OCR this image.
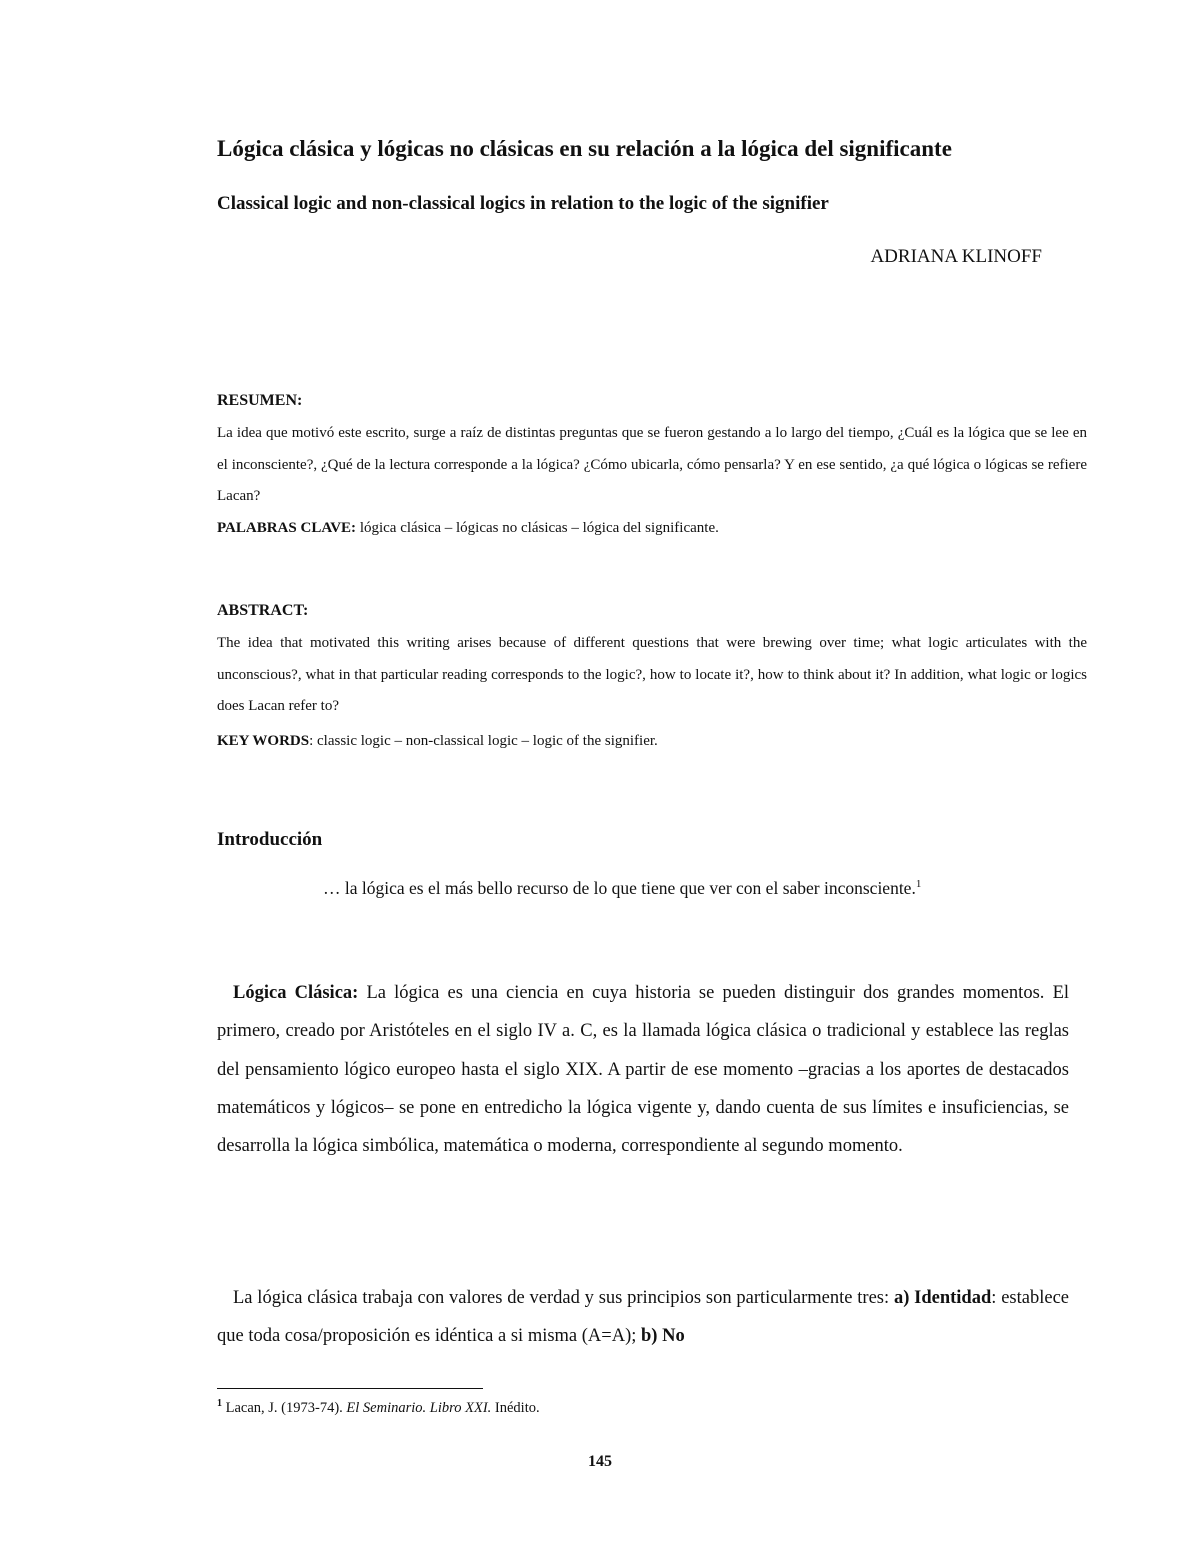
Lógica clásica y lógicas no clásicas en su relación a la lógica del significante
Classical logic and non-classical logics in relation to the logic of the signifier
ADRIANA KLINOFF
RESUMEN:

La idea que motivó este escrito, surge a raíz de distintas preguntas que se fueron gestando a lo largo del tiempo, ¿Cuál es la lógica que se lee en el inconsciente?, ¿Qué de la lectura corresponde a la lógica? ¿Cómo ubicarla, cómo pensarla? Y en ese sentido, ¿a qué lógica o lógicas se refiere Lacan?

PALABRAS CLAVE: lógica clásica – lógicas no clásicas – lógica del significante.
ABSTRACT:

The idea that motivated this writing arises because of different questions that were brewing over time; what logic articulates with the unconscious?, what in that particular reading corresponds to the logic?, how to locate it?, how to think about it? In addition, what logic or logics does Lacan refer to?

KEY WORDS: classic logic – non-classical logic – logic of the signifier.
Introducción
… la lógica es el más bello recurso de lo que tiene que ver con el saber inconsciente.$^1$

Lógica Clásica: La lógica es una ciencia en cuya historia se pueden distinguir dos grandes momentos. El primero, creado por Aristóteles en el siglo IV a. C, es la llamada lógica clásica o tradicional y establece las reglas del pensamiento lógico europeo hasta el siglo XIX. A partir de ese momento –gracias a los aportes de destacados matemáticos y lógicos– se pone en entredicho la lógica vigente y, dando cuenta de sus límites e insuficiencias, se desarrolla la lógica simbólica, matemática o moderna, correspondiente al segundo momento.

La lógica clásica trabaja con valores de verdad y sus principios son particularmente tres: a) Identidad: establece que toda cosa/proposición es idéntica a si misma (A=A); b) No

$^1$ Lacan, J. (1973-74). El Seminario. Libro XXI. Inédito.
145
